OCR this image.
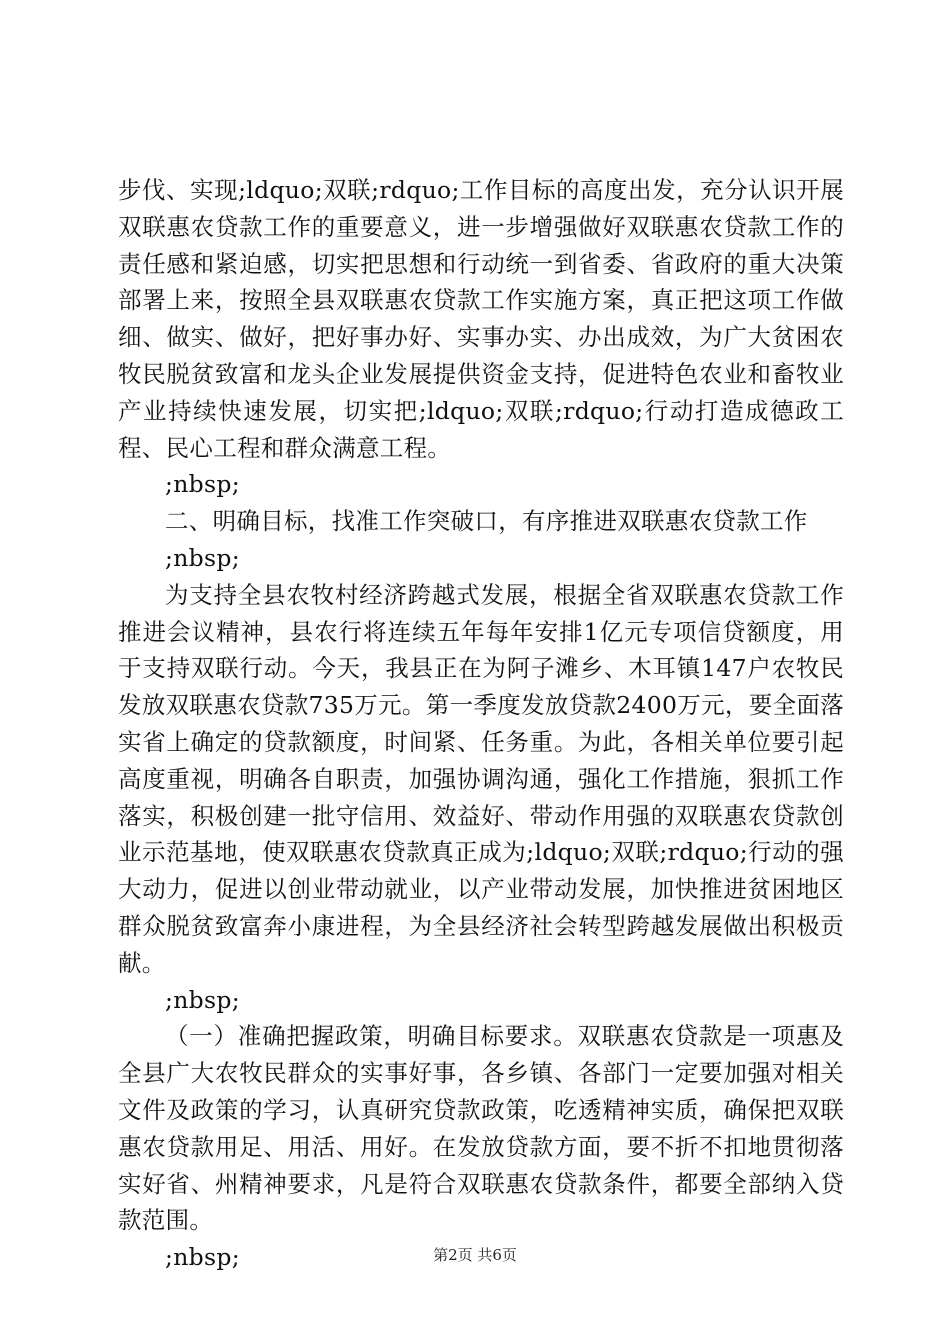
步伐、实现;ldquo;双联;rdquo;工作目标的高度出发，充分认识开展双联惠农贷款工作的重要意义，进一步增强做好双联惠农贷款工作的责任感和紧迫感，切实把思想和行动统一到省委、省政府的重大决策部署上来，按照全县双联惠农贷款工作实施方案，真正把这项工作做细、做实、做好，把好事办好、实事办实、办出成效，为广大贫困农牧民脱贫致富和龙头企业发展提供资金支持，促进特色农业和畜牧业产业持续快速发展，切实把;ldquo;双联;rdquo;行动打造成德政工程、民心工程和群众满意工程。

;nbsp;

二、明确目标，找准工作突破口，有序推进双联惠农贷款工作

;nbsp;

为支持全县农牧村经济跨越式发展，根据全省双联惠农贷款工作推进会议精神，县农行将连续五年每年安排1亿元专项信贷额度，用于支持双联行动。今天，我县正在为阿子滩乡、木耳镇147户农牧民发放双联惠农贷款735万元。第一季度发放贷款2400万元，要全面落实省上确定的贷款额度，时间紧、任务重。为此，各相关单位要引起高度重视，明确各自职责，加强协调沟通，强化工作措施，狠抓工作落实，积极创建一批守信用、效益好、带动作用强的双联惠农贷款创业示范基地，使双联惠农贷款真正成为;ldquo;双联;rdquo;行动的强大动力，促进以创业带动就业，以产业带动发展，加快推进贫困地区群众脱贫致富奔小康进程，为全县经济社会转型跨越发展做出积极贡献。

;nbsp;

（一）准确把握政策，明确目标要求。双联惠农贷款是一项惠及全县广大农牧民群众的实事好事，各乡镇、各部门一定要加强对相关文件及政策的学习，认真研究贷款政策，吃透精神实质，确保把双联惠农贷款用足、用活、用好。在发放贷款方面，要不折不扣地贯彻落实好省、州精神要求，凡是符合双联惠农贷款条件，都要全部纳入贷款范围。

;nbsp;	第2页 共6页
